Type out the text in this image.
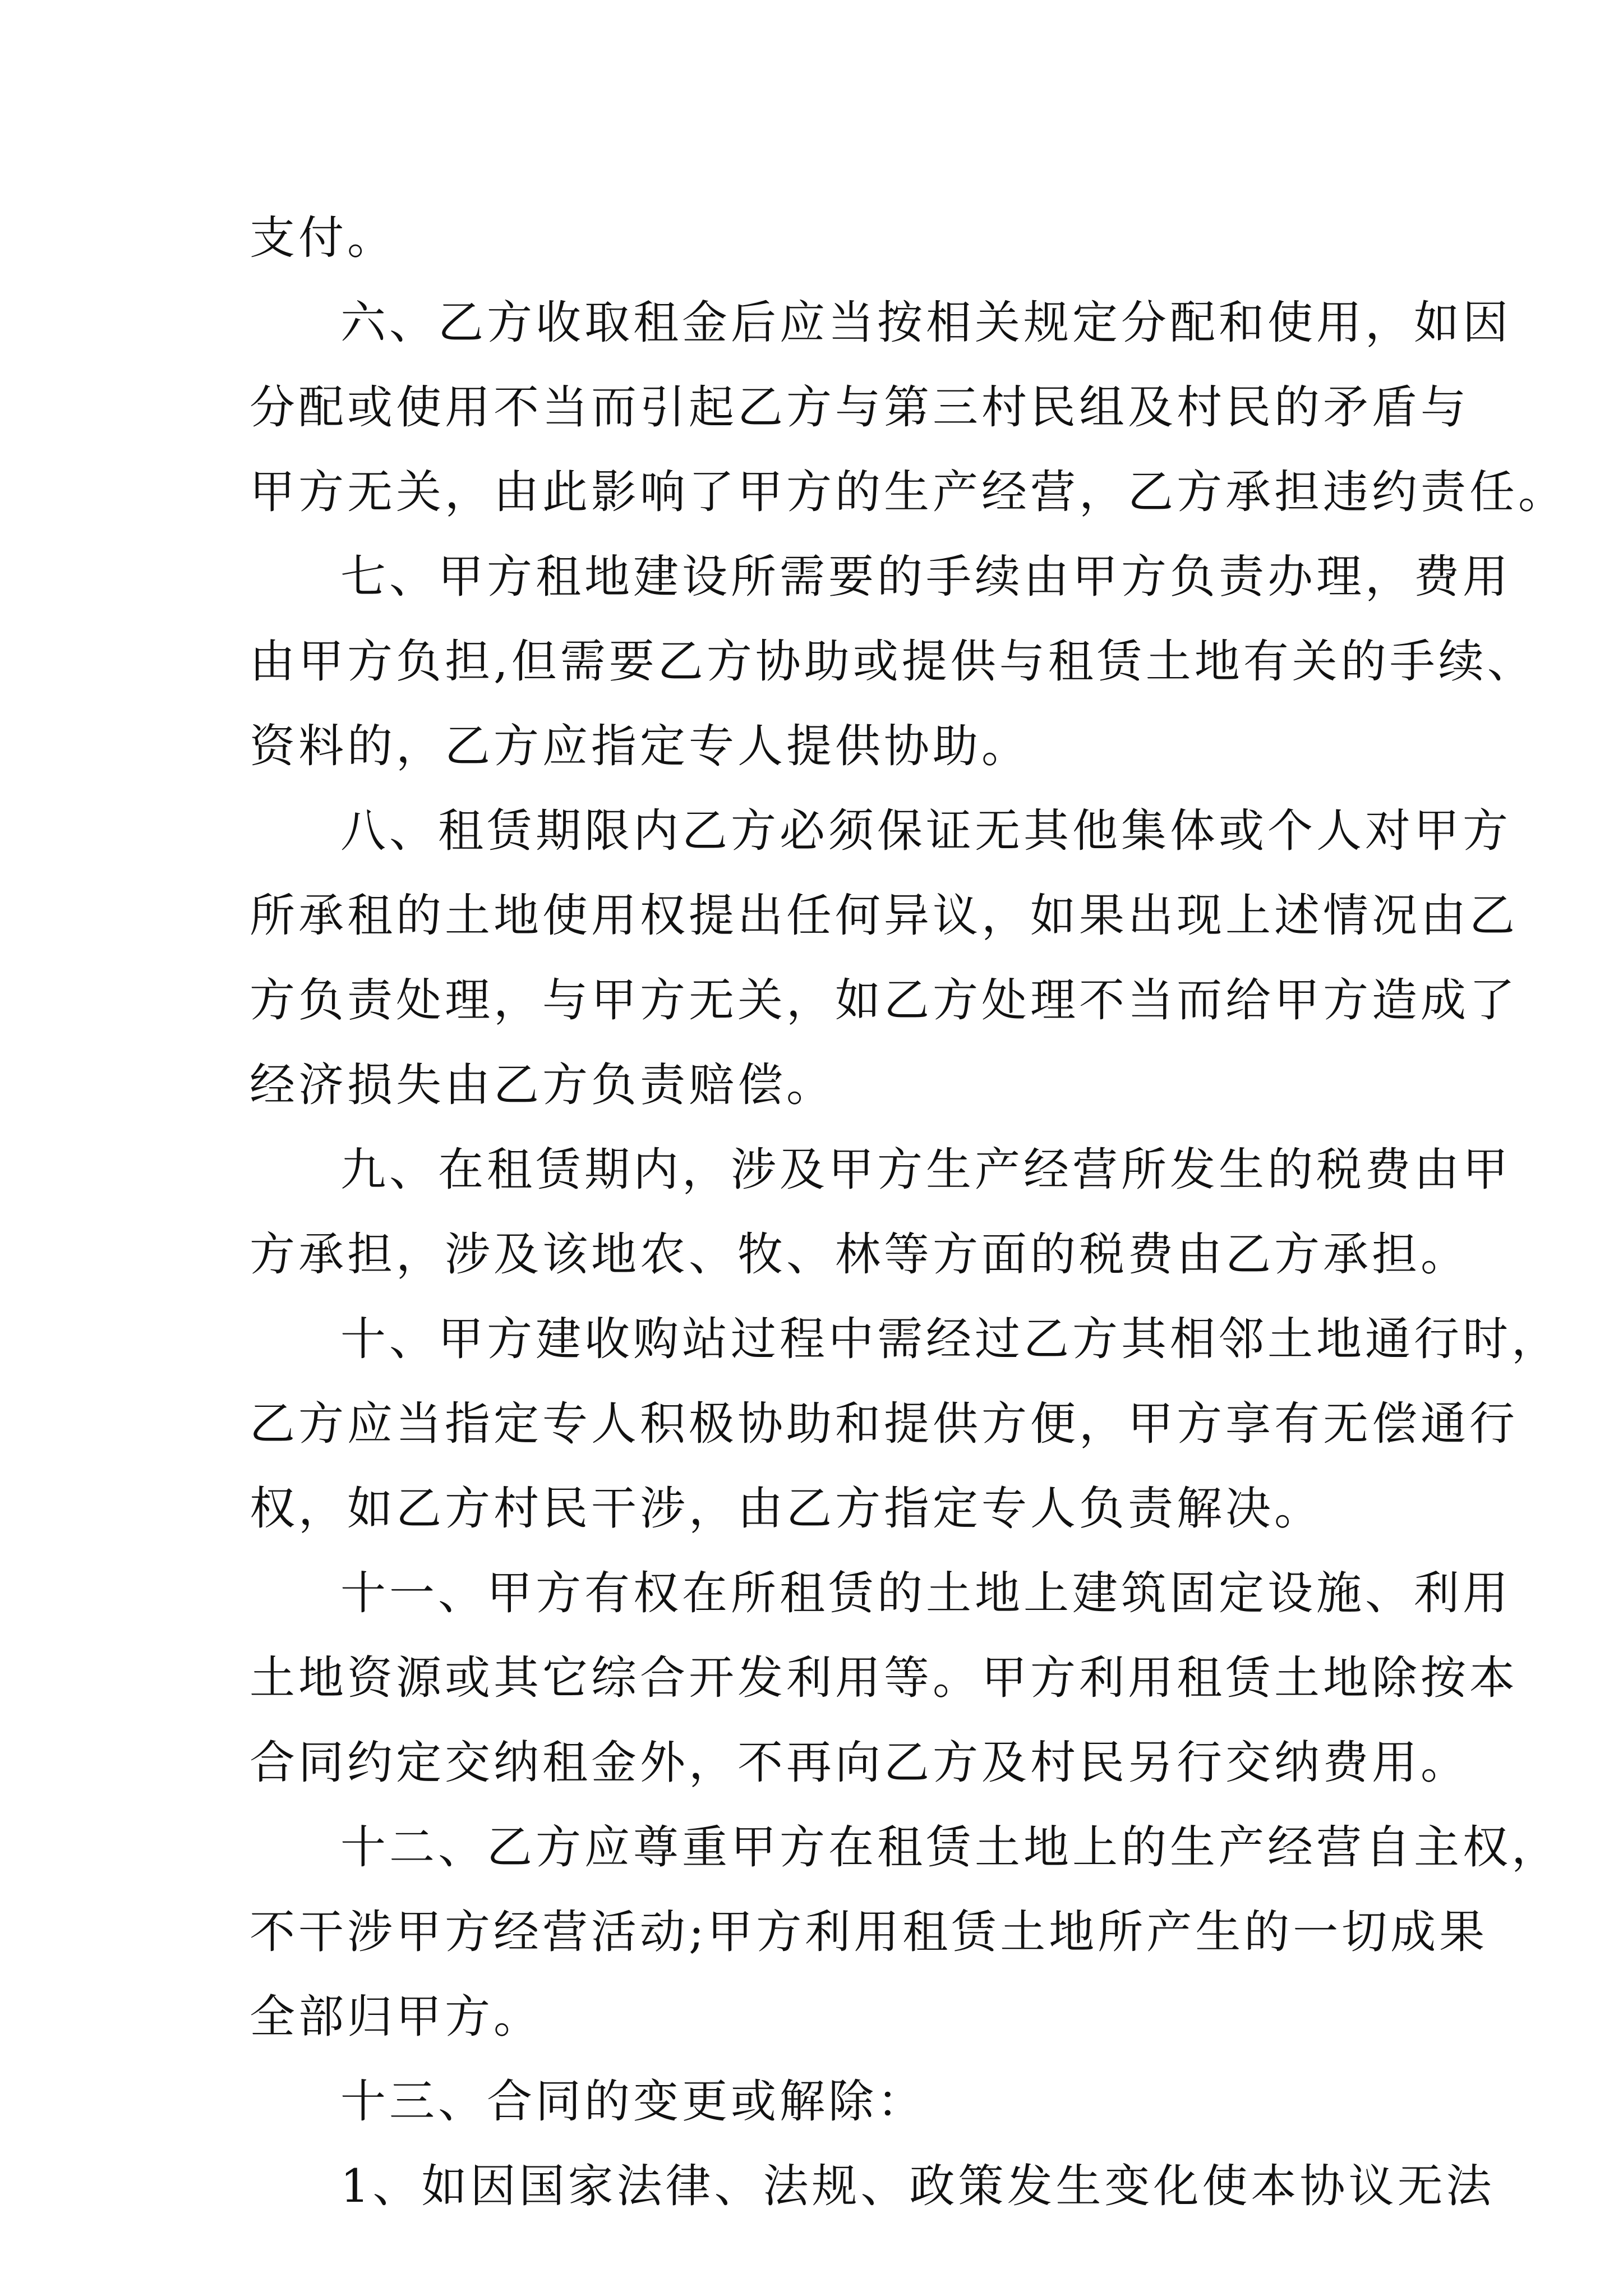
支付。
六、乙方收取租金后应当按相关规定分配和使用，如因
分配或使用不当而引起乙方与第三村民组及村民的矛盾与
甲方无关，由此影响了甲方的生产经营，乙方承担违约责任。
七、甲方租地建设所需要的手续由甲方负责办理，费用
由甲方负担,但需要乙方协助或提供与租赁土地有关的手续、
资料的，乙方应指定专人提供协助。
八、租赁期限内乙方必须保证无其他集体或个人对甲方
所承租的土地使用权提出任何异议，如果出现上述情况由乙
方负责处理，与甲方无关，如乙方处理不当而给甲方造成了
经济损失由乙方负责赔偿。
九、在租赁期内，涉及甲方生产经营所发生的税费由甲
方承担，涉及该地农、牧、林等方面的税费由乙方承担。
十、甲方建收购站过程中需经过乙方其相邻土地通行时，
乙方应当指定专人积极协助和提供方便，甲方享有无偿通行
权，如乙方村民干涉，由乙方指定专人负责解决。
十一、甲方有权在所租赁的土地上建筑固定设施、利用
土地资源或其它综合开发利用等。甲方利用租赁土地除按本
合同约定交纳租金外，不再向乙方及村民另行交纳费用。
十二、乙方应尊重甲方在租赁土地上的生产经营自主权，
不干涉甲方经营活动;甲方利用租赁土地所产生的一切成果
全部归甲方。
十三、合同的变更或解除：
1、如因国家法律、法规、政策发生变化使本协议无法
